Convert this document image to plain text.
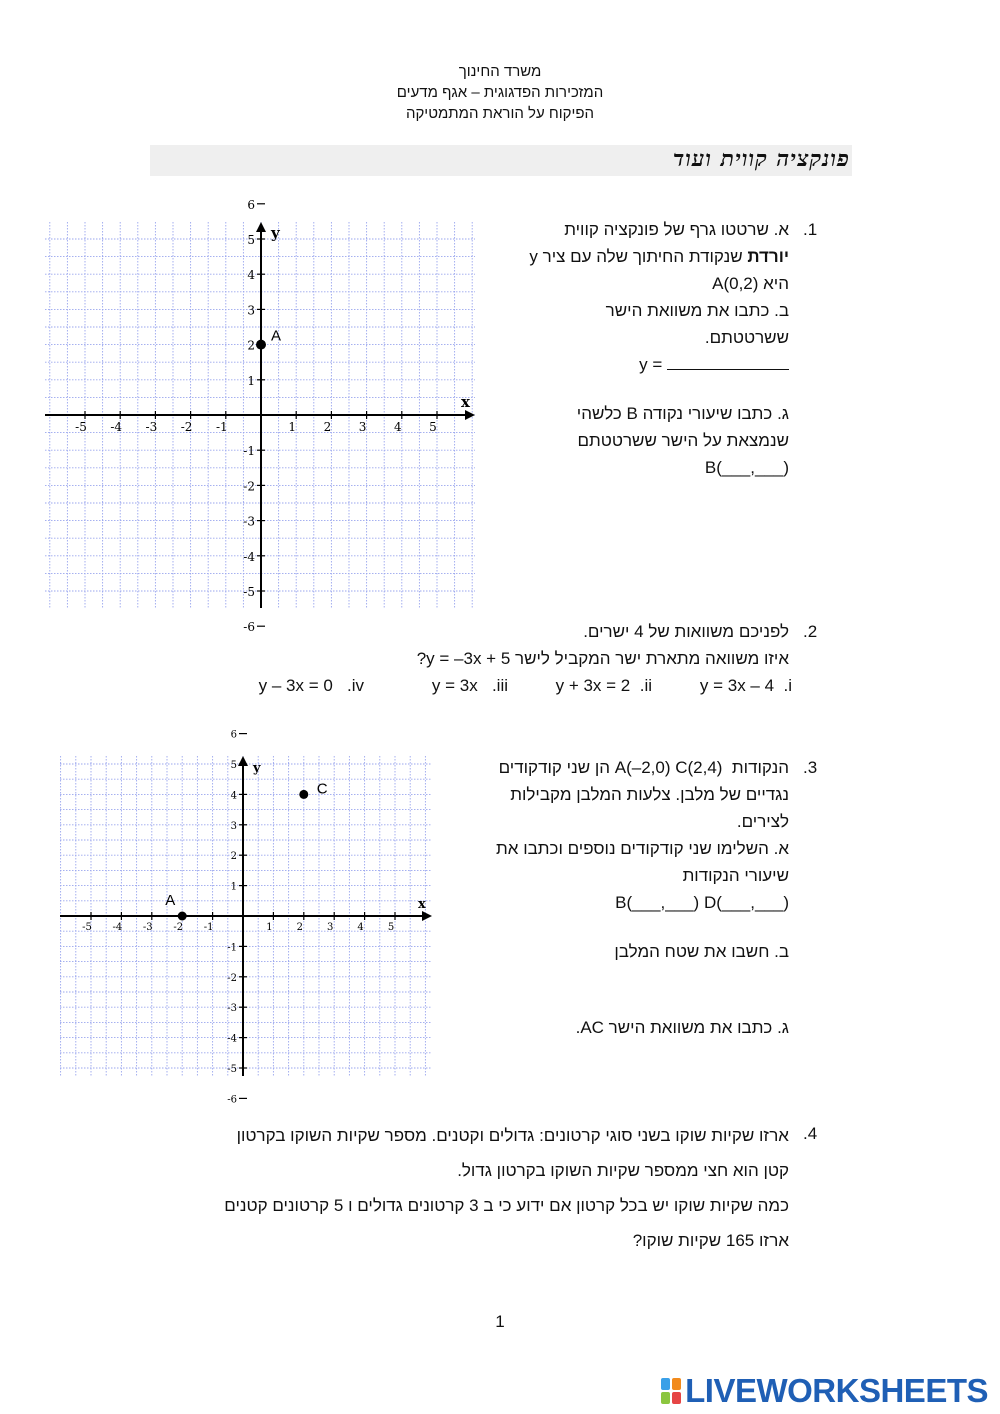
משרד החינוך
המזכירות הפדגוגית – אגף מדעים
הפיקוח על הוראת המתמטיקה
פונקציה קווית ועוד
.1
א. שרטטו גרף של פונקציה קווית
יורדת שנקודת החיתוך שלה עם ציר y
היא (A(0,2
ב. כתבו את משוואת הישר
ששרטטתם.
y =
ג. כתבו שיעורי נקודה B כלשהי
שנמצאת על הישר ששרטטתם
B(___,___)
-5 -4 -3 -2 -1	1 2 3 4 5
6
5
4
3
2
1
-1
-2
-3
-4
-5
-6
x
y
A
.2
לפניכם משוואות של 4 ישרים.
איזו משוואה מתארת ישר המקביל לישר y = –3x + 5?
y = 3x – 4 .i
y + 3x = 2 .ii
y = 3x .iii
y – 3x = 0 .iv
.3
הנקודות  A(–2,0) C(2,4) הן שני קודקודים
נגדיים של מלבן. צלעות המלבן מקבילות
לצירים.
א. השלימו שני קודקודים נוספים וכתבו את
שיעורי הנקודות
B(___,___) D(___,___)
ב. חשבו את שטח המלבן
ג. כתבו את משוואת הישר AC.
-5 -4 -3 -2 -1	1 2 3 4 5
6
5
4
3
2
1
-1
-2
-3
-4
-5
-6
x
y
A
C
.4
ארזו שקיות שוקו בשני סוגי קרטונים: גדולים וקטנים. מספר שקיות השוקו בקרטון
קטן הוא חצי ממספר שקיות השוקו בקרטון גדול.
כמה שקיות שוקו יש בכל קרטון אם ידוע כי ב 3 קרטונים גדולים ו 5 קרטונים קטנים
ארזו 165 שקיות שוקו?
1
LIVEWORKSHEETS
